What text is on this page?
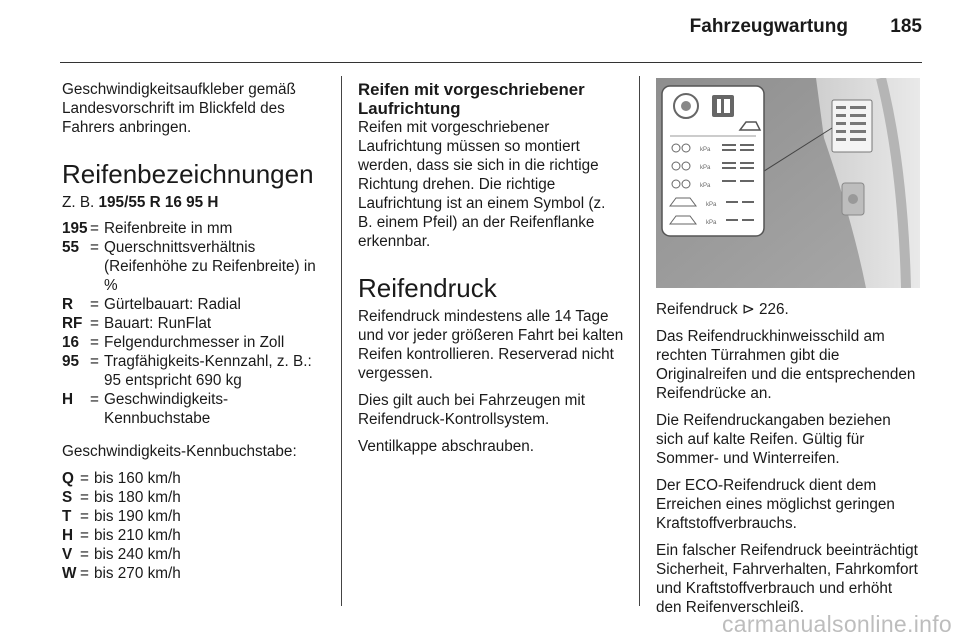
Fahrzeugwartung 185

Geschwindigkeitsaufkleber gemäß Landesvorschrift im Blickfeld des Fahrers anbringen.

Reifenbezeichnungen
Z. B. 195/55 R 16 95 H
195 = Reifenbreite in mm
55 = Querschnittsverhältnis (Reifenhöhe zu Reifenbreite) in %
R	= Gürtelbauart: Radial
RF = Bauart: RunFlat
16 = Felgendurchmesser in Zoll
95 = Tragfähigkeits-Kennzahl, z. B.: 95 entspricht 690 kg
H	= Geschwindigkeits-Kennbuchstabe

Geschwindigkeits-Kennbuchstabe:

Q = bis 160 km/h
S = bis 180 km/h
T = bis 190 km/h
H = bis 210 km/h
V = bis 240 km/h
W = bis 270 km/h
Reifen mit vorgeschriebener Laufrichtung

Reifen mit vorgeschriebener Laufrichtung müssen so montiert werden, dass sie sich in die richtige Richtung drehen. Die richtige Laufrichtung ist an einem Symbol (z. B. einem Pfeil) an der Reifenflanke erkennbar.

Reifendruck

Reifendruck mindestens alle 14 Tage und vor jeder größeren Fahrt bei kalten Reifen kontrollieren. Reserverad nicht vergessen.

Dies gilt auch bei Fahrzeugen mit Reifendruck-Kontrollsystem.

Ventilkappe abschrauben.

kPa
kPa
kPa
kPa
kPa

Reifendruck ⊳ 226.

Das Reifendruckhinweisschild am rechten Türrahmen gibt die Originalreifen und die entsprechenden Reifendrücke an.

Die Reifendruckangaben beziehen sich auf kalte Reifen. Gültig für Sommer- und Winterreifen.

Der ECO-Reifendruck dient dem Erreichen eines möglichst geringen Kraftstoffverbrauchs.

Ein falscher Reifendruck beeinträchtigt Sicherheit, Fahrverhalten, Fahrkomfort und Kraftstoffverbrauch und erhöht den Reifenverschleiß.

carmanualsonline.info
